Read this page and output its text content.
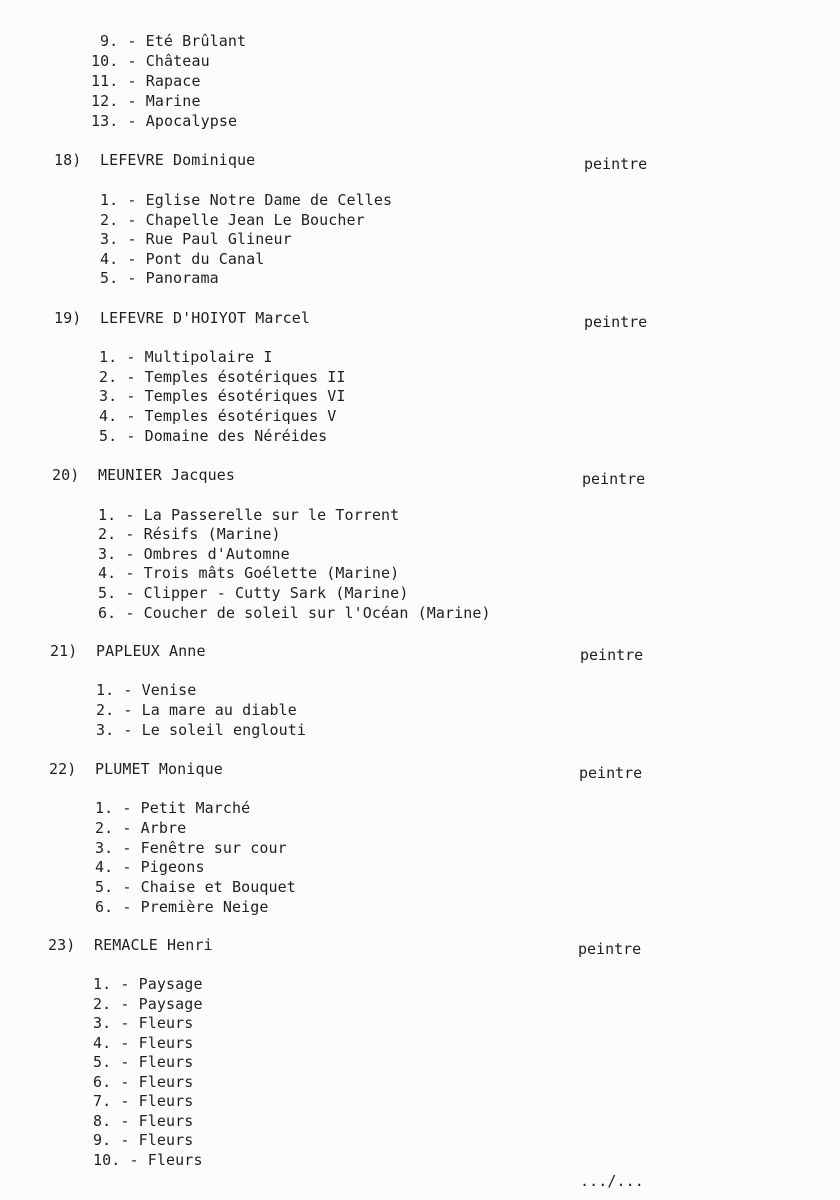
9. - Eté Brûlant
10. - Château
11. - Rapace
12. - Marine
13. - Apocalypse
18) LEFEVRE Dominique	peintre
1. - Eglise Notre Dame de Celles
2. - Chapelle Jean Le Boucher
3. - Rue Paul Glineur
4. - Pont du Canal
5. - Panorama
19) LEFEVRE D'HOIYOT Marcel	peintre
1. - Multipolaire I
2. - Temples ésotériques II
3. - Temples ésotériques VI
4. - Temples ésotériques V
5. - Domaine des Néréides
20) MEUNIER Jacques	peintre
1. - La Passerelle sur le Torrent
2. - Résifs (Marine)
3. - Ombres d'Automne
4. - Trois mâts Goélette (Marine)
5. - Clipper - Cutty Sark (Marine)
6. - Coucher de soleil sur l'Océan (Marine)
21) PAPLEUX Anne	peintre
1. - Venise
2. - La mare au diable
3. - Le soleil englouti
22) PLUMET Monique	peintre
1. - Petit Marché
2. - Arbre
3. - Fenêtre sur cour
4. - Pigeons
5. - Chaise et Bouquet
6. - Première Neige
23) REMACLE Henri	peintre
1. - Paysage
2. - Paysage
3. - Fleurs
4. - Fleurs
5. - Fleurs
6. - Fleurs
7. - Fleurs
8. - Fleurs
9. - Fleurs
10. - Fleurs
.../...
